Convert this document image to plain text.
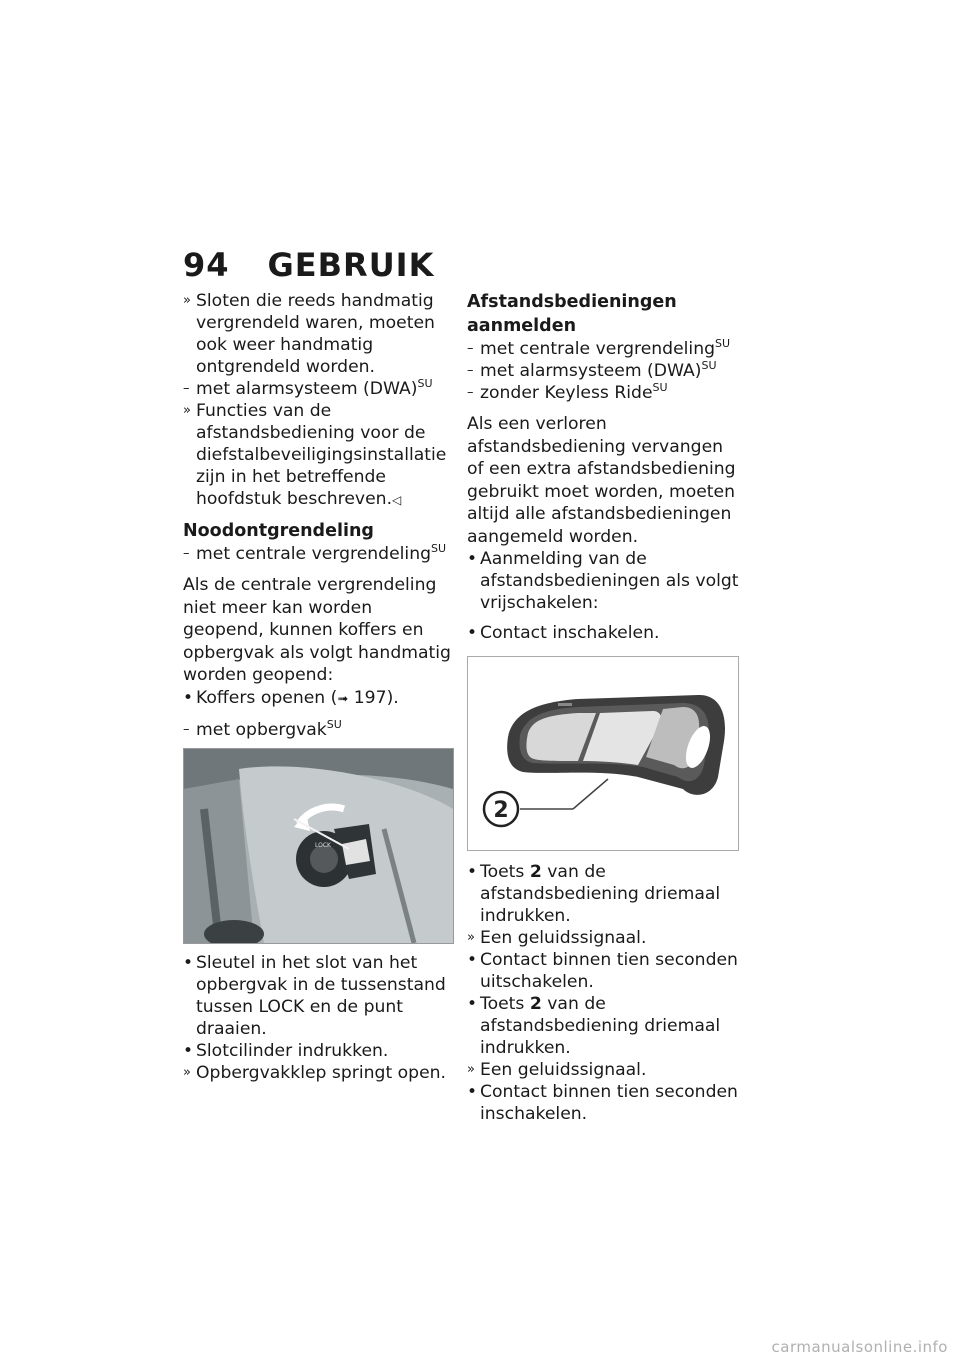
94 GEBRUIK
» Sloten die reeds handmatig vergrendeld waren, moeten ook weer handmatig ontgrendeld worden.
– met alarmsysteem (DWA)$^{SU}$
» Functies van de afstandsbediening voor de diefstalbeveiligingsinstallatie zijn in het betreffende hoofdstuk beschreven.◁
Noodontgrendeling
– met centrale vergrendeling$^{SU}$

Als de centrale vergrendeling niet meer kan worden geopend, kunnen koffers en opbergvak als volgt handmatig worden geopend:

• Koffers openen (➟ 197).
– met opbergvak$^{SU}$
LOCK
• Sleutel in het slot van het opbergvak in de tussenstand tussen LOCK en de punt draaien.
• Slotcilinder indrukken.
» Opbergvakklep springt open.
Afstandsbedieningen aanmelden
– met centrale vergrendeling$^{SU}$
– met alarmsysteem (DWA)$^{SU}$
– zonder Keyless Ride$^{SU}$

Als een verloren afstandsbediening vervangen of een extra afstandsbediening gebruikt moet worden, moeten altijd alle afstandsbedieningen aangemeld worden.

• Aanmelding van de afstandsbedieningen als volgt vrijschakelen:
• Contact inschakelen.
2
• Toets 2 van de afstandsbediening driemaal indrukken.
» Een geluidssignaal.
• Contact binnen tien seconden uitschakelen.
• Toets 2 van de afstandsbediening driemaal indrukken.
» Een geluidssignaal.
• Contact binnen tien seconden inschakelen.
carmanualsonline.info
